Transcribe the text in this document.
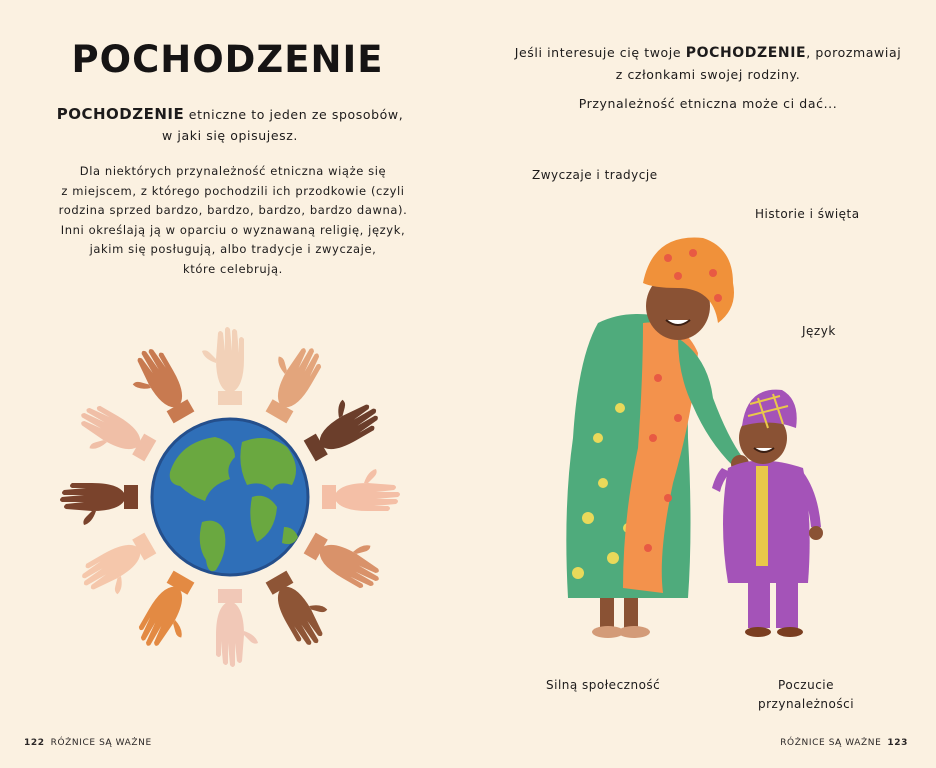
POCHODZENIE
POCHODZENIE etniczne to jeden ze sposobów,
w jaki się opisujesz.
Dla niektórych przynależność etniczna wiąże się
z miejscem, z którego pochodzili ich przodkowie (czyli
rodzina sprzed bardzo, bardzo, bardzo, bardzo dawna).
Inni określają ją w oparciu o wyznawaną religię, język,
jakim się posługują, albo tradycje i zwyczaje,
które celebrują.
122 RÓŻNICE SĄ WAŻNE
Jeśli interesuje cię twoje POCHODZENIE, porozmawiaj
z członkami swojej rodziny.
Przynależność etniczna może ci dać...
Zwyczaje i tradycje
Historie i święta
Język
Silną społeczność	Poczucie
przynależności
RÓŻNICE SĄ WAŻNE 123
